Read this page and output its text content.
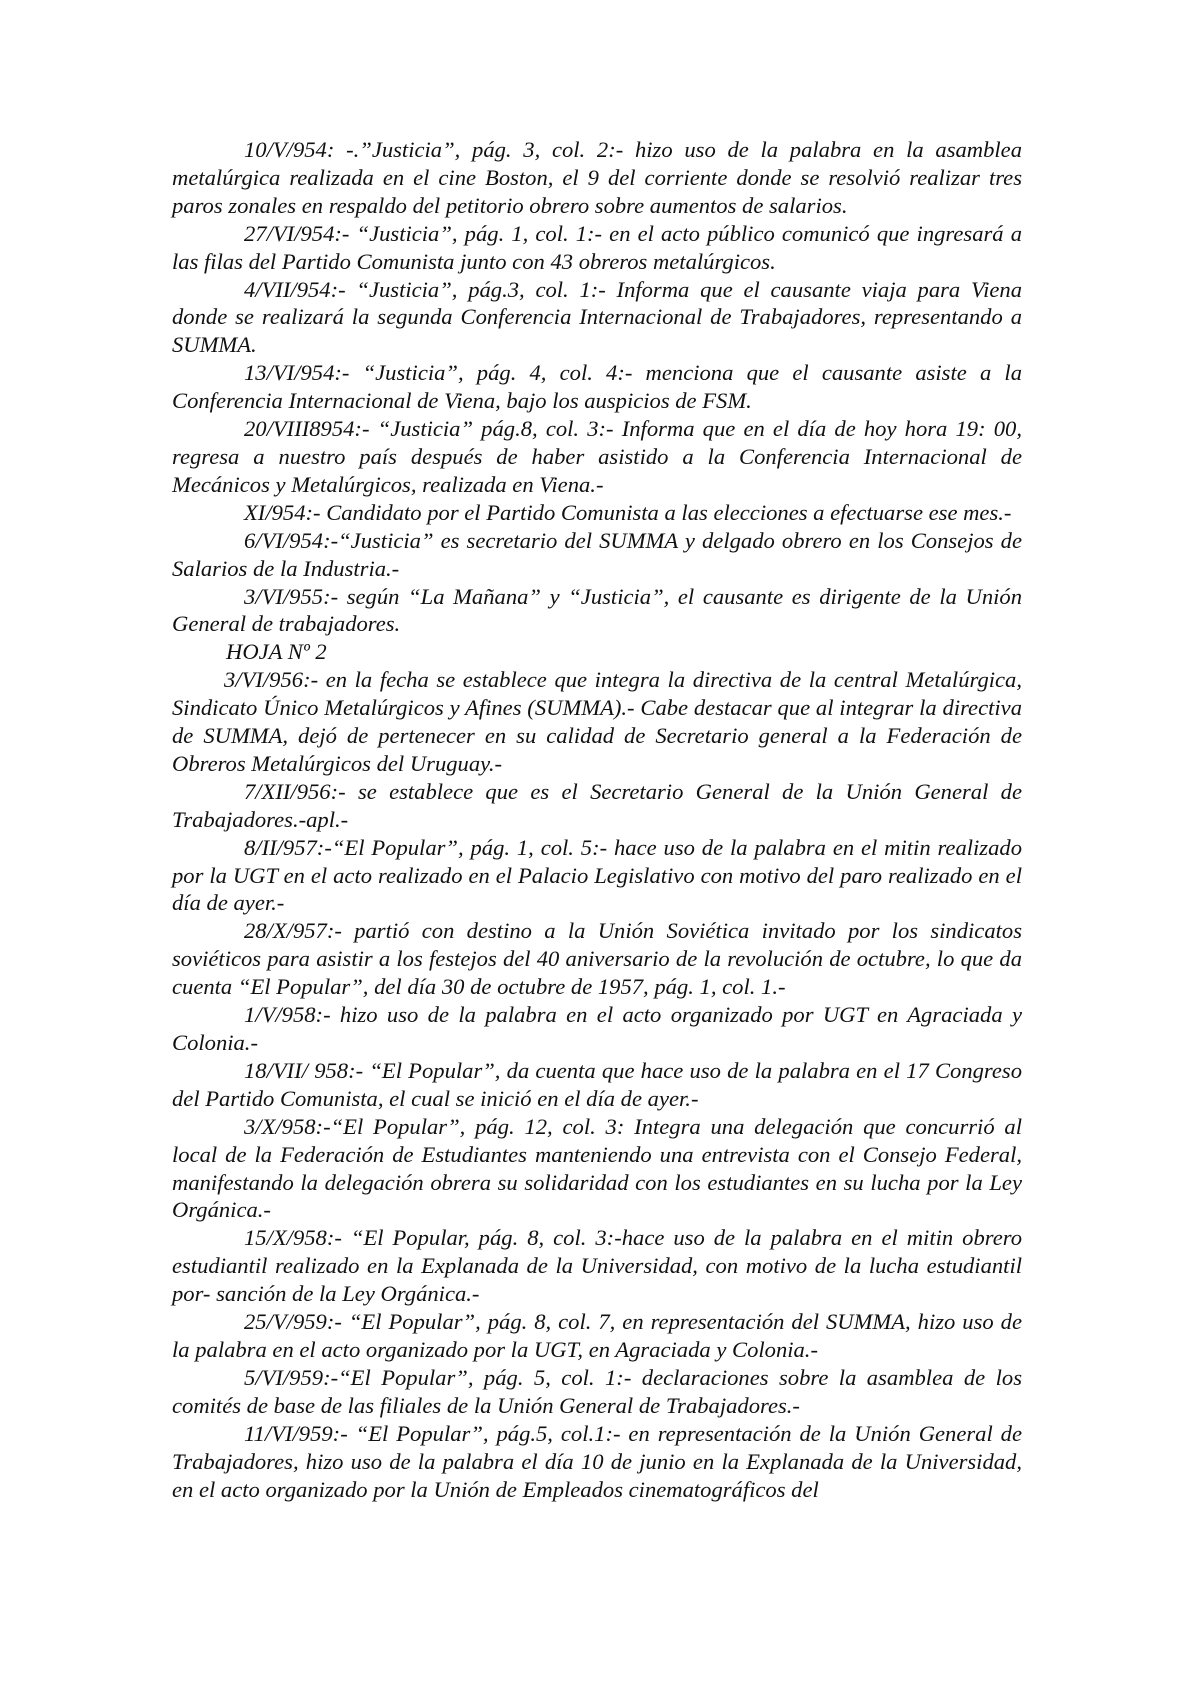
10/V/954: -.”Justicia”, pág. 3, col. 2:- hizo uso de la palabra en la asamblea metalúrgica realizada en el cine Boston, el 9 del corriente donde se resolvió realizar tres paros zonales en respaldo del petitorio obrero sobre aumentos de salarios.

27/VI/954:- “Justicia”, pág. 1, col. 1:- en el acto público comunicó que ingresará a las filas del Partido Comunista junto con 43 obreros metalúrgicos.

4/VII/954:- “Justicia”, pág.3, col. 1:- Informa que el causante viaja para Viena donde se realizará la segunda Conferencia Internacional de Trabajadores, representando a SUMMA.

13/VI/954:- “Justicia”, pág. 4, col. 4:- menciona que el causante asiste a la Conferencia Internacional de Viena, bajo los auspicios de FSM.

20/VIII8954:- “Justicia” pág.8, col. 3:- Informa que en el día de hoy hora 19: 00, regresa a nuestro país después de haber asistido a la Conferencia Internacional de Mecánicos y Metalúrgicos, realizada en Viena.-

XI/954:- Candidato por el Partido Comunista a las elecciones a efectuarse ese mes.-

6/VI/954:-“Justicia” es secretario del SUMMA y delgado obrero en los Consejos de Salarios de la Industria.-

3/VI/955:- según “La Mañana” y “Justicia”, el causante es dirigente de la Unión General de trabajadores.

HOJA Nº 2

3/VI/956:- en la fecha se establece que integra la directiva de la central Metalúrgica, Sindicato Único Metalúrgicos y Afines (SUMMA).- Cabe destacar que al integrar la directiva de SUMMA, dejó de pertenecer en su calidad de Secretario general a la Federación de Obreros Metalúrgicos del Uruguay.-

7/XII/956:- se establece que es el Secretario General de la Unión General de Trabajadores.-apl.-

8/II/957:-“El Popular”, pág. 1, col. 5:- hace uso de la palabra en el mitin realizado por la UGT en el acto realizado en el Palacio Legislativo con motivo del paro realizado en el día de ayer.-

28/X/957:- partió con destino a la Unión Soviética invitado por los sindicatos soviéticos para asistir a los festejos del 40 aniversario de la revolución de octubre, lo que da cuenta “El Popular”, del día 30 de octubre de 1957, pág. 1, col. 1.-

1/V/958:- hizo uso de la palabra en el acto organizado por UGT en Agraciada y Colonia.-

18/VII/ 958:- “El Popular”, da cuenta que hace uso de la palabra en el 17 Congreso del Partido Comunista, el cual se inició en el día de ayer.-

3/X/958:-“El Popular”, pág. 12, col. 3: Integra una delegación que concurrió al local de la Federación de Estudiantes manteniendo una entrevista con el Consejo Federal, manifestando la delegación obrera su solidaridad con los estudiantes en su lucha por la Ley Orgánica.-

15/X/958:- “El Popular, pág. 8, col. 3:-hace uso de la palabra en el mitin obrero estudiantil realizado en la Explanada de la Universidad, con motivo de la lucha estudiantil por- sanción de la Ley Orgánica.-

25/V/959:- “El Popular”, pág. 8, col. 7, en representación del SUMMA, hizo uso de la palabra en el acto organizado por la UGT, en Agraciada y Colonia.-

5/VI/959:-“El Popular”, pág. 5, col. 1:- declaraciones sobre la asamblea de los comités de base de las filiales de la Unión General de Trabajadores.-

11/VI/959:- “El Popular”, pág.5, col.1:- en representación de la Unión General de Trabajadores, hizo uso de la palabra el día 10 de junio en la Explanada de la Universidad, en el acto organizado por la Unión de Empleados cinematográficos del
